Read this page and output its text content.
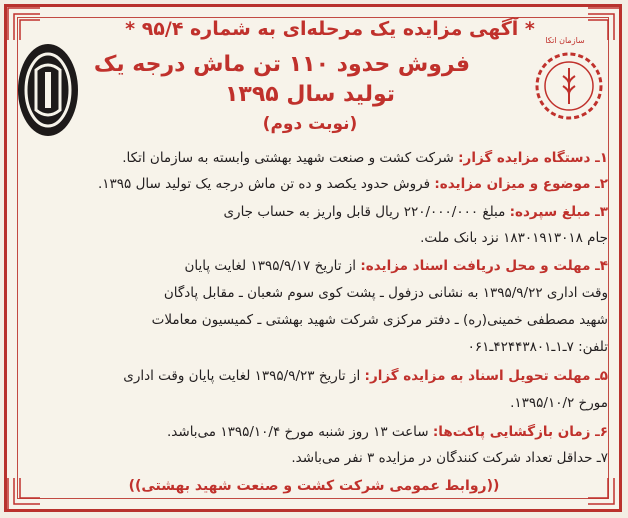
سازمان اتکا
* آگهی مزایده یک مرحله‌ای به شماره ۹۵/۴ *
فروش حدود ۱۱۰ تن ماش درجه یک
تولید سال ۱۳۹۵
(نوبت دوم)
۱ـ دستگاه مزایده گزار: شرکت کشت و صنعت شهید بهشتی وابسته به سازمان اتکا.
۲ـ موضوع و میزان مزایده: فروش حدود یکصد و ده تن ماش درجه یک تولید سال ۱۳۹۵.
۳ـ مبلغ سپرده: مبلغ ۲۲۰/۰۰۰/۰۰۰ ریال قابل واریز به حساب جاری
جام ۱۸۳۰۱۹۱۳۰۱۸ نزد بانک ملت.
۴ـ مهلت و محل دریافت اسناد مزایده: از تاریخ ۱۳۹۵/۹/۱۷ لغایت پایان
وقت اداری ۱۳۹۵/۹/۲۲ به نشانی دزفول ـ پشت کوی سوم شعبان ـ مقابل پادگان
شهید مصطفی خمینی(ره) ـ دفتر مرکزی شرکت شهید بهشتی ـ کمیسیون معاملات
تلفن: ۷ـ۱ـ۴۲۴۴۳۸۰۱ـ۰۶۱
۵ـ مهلت تحویل اسناد به مزایده گزار: از تاریخ ۱۳۹۵/۹/۲۳ لغایت پایان وقت اداری
مورخ ۱۳۹۵/۱۰/۲.
۶ـ زمان بازگشایی پاکت‌ها: ساعت ۱۳ روز شنبه مورخ ۱۳۹۵/۱۰/۴ می‌باشد.
۷ـ حداقل تعداد شرکت کنندگان در مزایده ۳ نفر می‌باشد.
((روابط عمومی شرکت کشت و صنعت شهید بهشتی))
